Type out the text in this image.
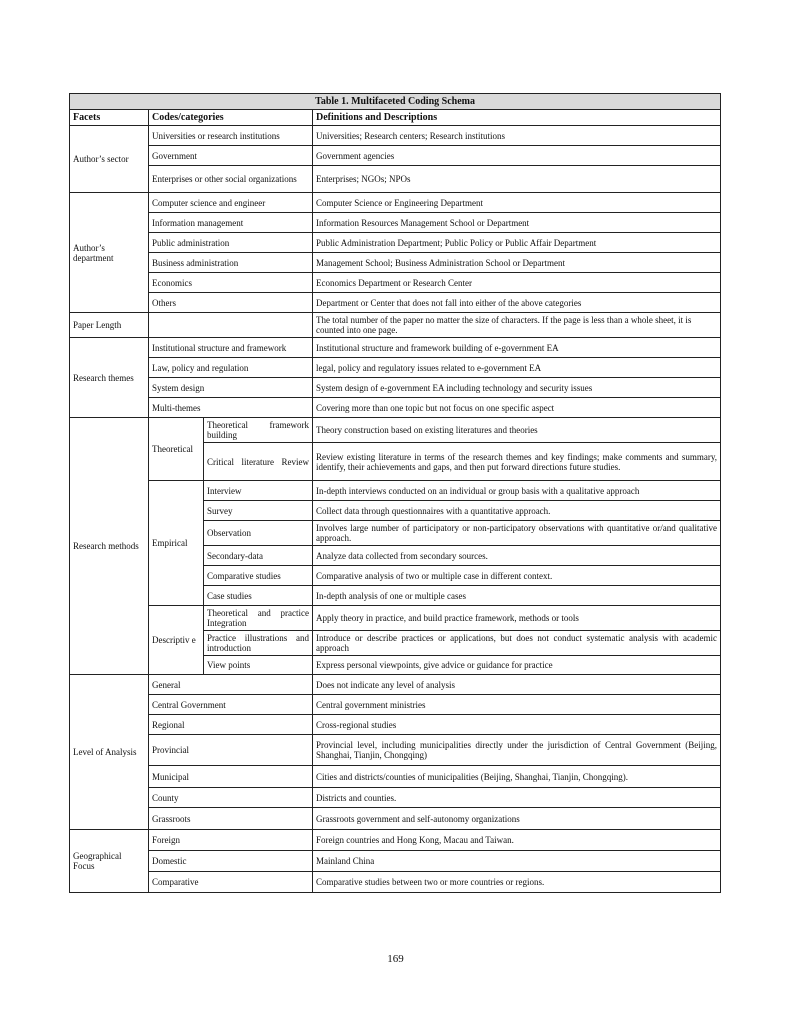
Table 1. Multifaceted Coding Schema			
Facets	Codes/categories		Definitions and Descriptions
Author’s sector	Universities or research institutions		Universities; Research centers; Research institutions
	Government		Government agencies
	Enterprises or other social organizations		Enterprises; NGOs; NPOs
Author’s department	Computer science and engineer		Computer Science or Engineering Department
	Information management		Information Resources Management School or Department
	Public administration		Public Administration Department; Public Policy or Public Affair Department
	Business administration		Management School; Business Administration School or Department
	Economics		Economics Department or Research Center
	Others		Department or Center that does not fall into either of the above categories
Paper Length			The total number of the paper no matter the size of characters. If the page is less than a whole sheet, it is counted into one page.
Research themes	Institutional structure and framework		Institutional structure and framework building of e-government EA
	Law, policy and regulation		legal, policy and regulatory issues related to e-government EA
	System design		System design of e-government EA including technology and security issues
	Multi-themes		Covering more than one topic but not focus on one specific aspect
Research methods	Theoretical	Theoretical framework building	Theory construction based on existing literatures and theories
		Critical literature Review	Review existing literature in terms of the research themes and key findings; make comments and summary, identify, their achievements and gaps, and then put forward directions future studies.
	Empirical	Interview	In-depth interviews conducted on an individual or group basis with a qualitative approach
		Survey	Collect data through questionnaires with a quantitative approach.
		Observation	Involves large number of participatory or non-participatory observations with quantitative or/and qualitative approach.
		Secondary-data	Analyze data collected from secondary sources.
		Comparative studies	Comparative analysis of two or multiple case in different context.
		Case studies	In-depth analysis of one or multiple cases
	Descriptiv e	Theoretical and practice Integration	Apply theory in practice, and build practice framework, methods or tools
		Practice illustrations and introduction	Introduce or describe practices or applications, but does not conduct systematic analysis with academic approach
		View points	Express personal viewpoints, give advice or guidance for practice
Level of Analysis	General		Does not indicate any level of analysis
	Central Government		Central government ministries
	Regional		Cross-regional studies
	Provincial		Provincial level, including municipalities directly under the jurisdiction of Central Government (Beijing, Shanghai, Tianjin, Chongqing)
	Municipal		Cities and districts/counties of municipalities (Beijing, Shanghai, Tianjin, Chongqing).
	County		Districts and counties.
	Grassroots		Grassroots government and self-autonomy organizations
Geographical Focus	Foreign		Foreign countries and Hong Kong, Macau and Taiwan.
	Domestic		Mainland China
	Comparative		Comparative studies between two or more countries or regions.
169
